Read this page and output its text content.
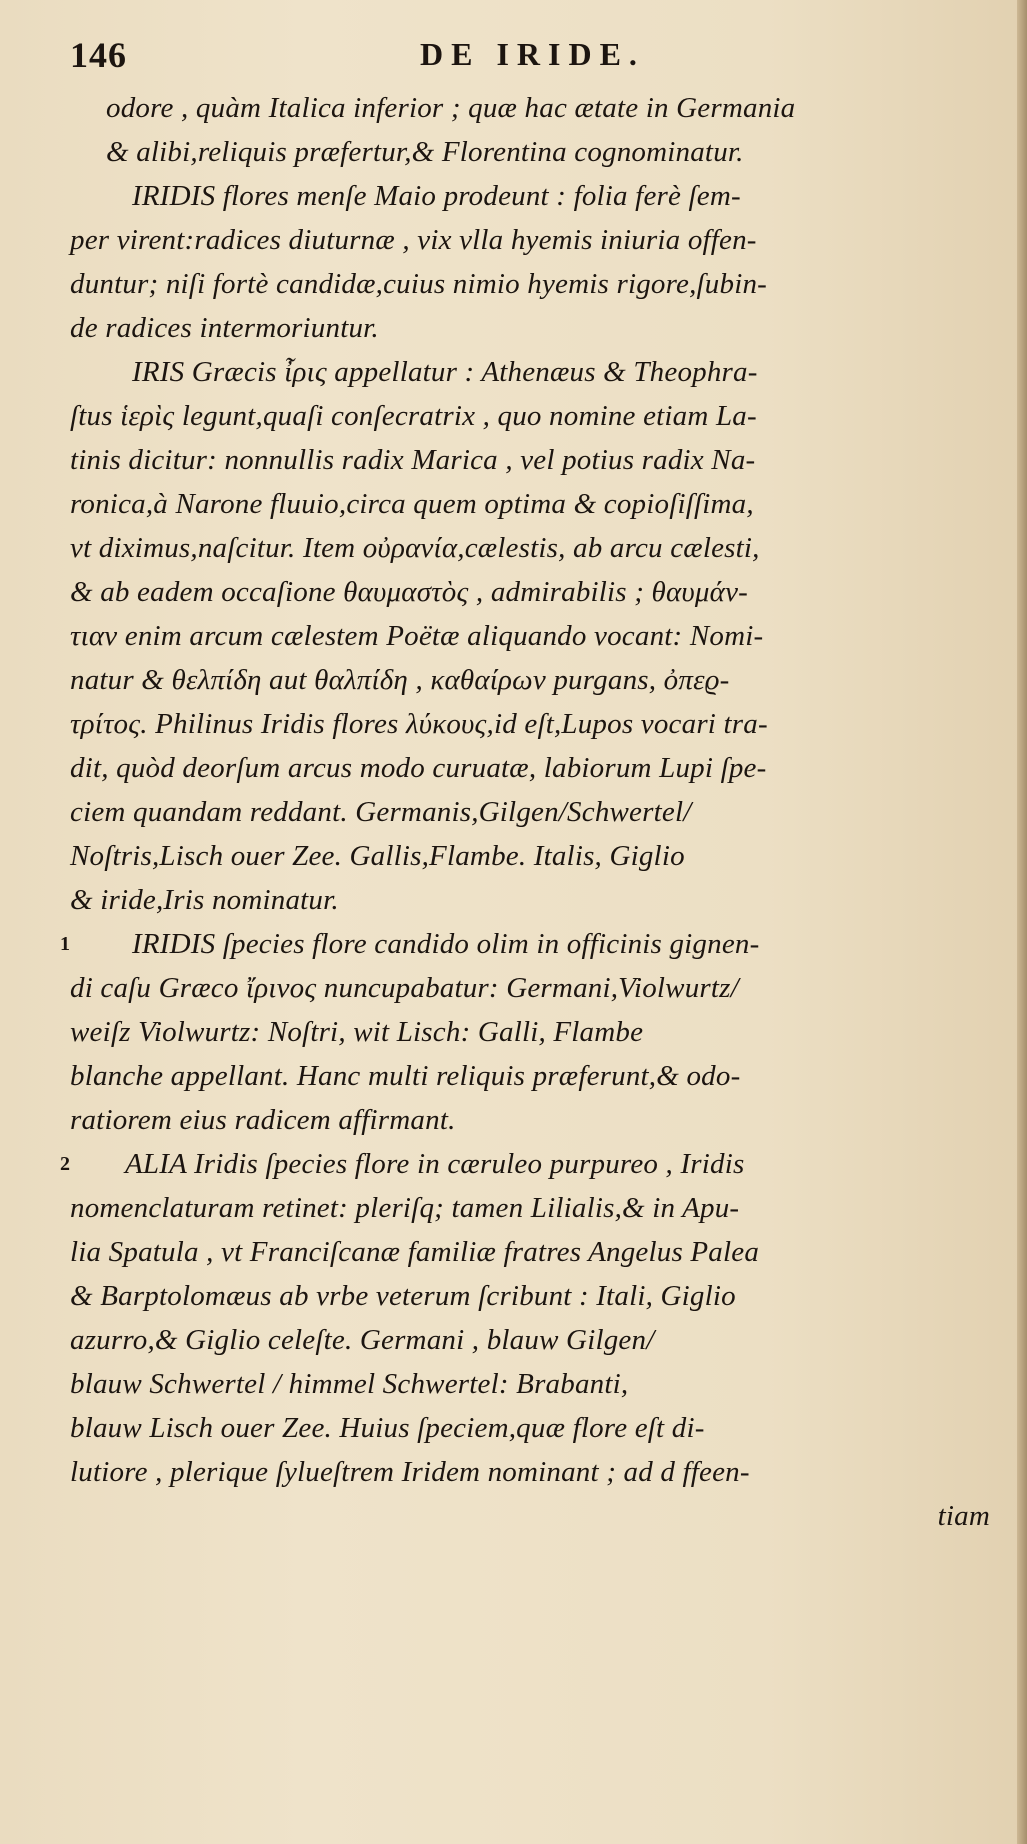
146	DE IRIDE.
odore , quàm Italica inferior ; quæ hac ætate in Germania
& alibi,reliquis præfertur,& Florentina cognominatur.
IRIDIS flores menſe Maio prodeunt : folia ferè ſem-
per virent:radices diuturnæ , vix vlla hyemis iniuria offen-
duntur; niſi fortè candidæ,cuius nimio hyemis rigore,ſubin-
de radices intermoriuntur.
IRIS Græcis ἶρις appellatur : Athenæus & Theophra-
ſtus ἱερὶς legunt,quaſi conſecratrix , quo nomine etiam La-
tinis dicitur: nonnullis radix Marica , vel potius radix Na-
ronica,à Narone fluuio,circa quem optima & copioſiſſima,
vt diximus,naſcitur. Item οὐρανία,cælestis, ab arcu cælesti,
& ab eadem occaſione θαυμαστὸς , admirabilis ; θαυμάν-
τιαν enim arcum cælestem Poëtæ aliquando vocant: Nomi-
natur & θελπίδη aut θαλπίδη , καθαίρων purgans, ὀπεϱ-
τρίτος. Philinus Iridis flores λύκους,id eſt,Lupos vocari tra-
dit, quòd deorſum arcus modo curuatæ, labiorum Lupi ſpe-
ciem quandam reddant. Germanis,Gilgen/Schwertel/
Noſtris,Lisch ouer Zee. Gallis,Flambe. Italis, Giglio
& iride,Iris nominatur.
1 IRIDIS ſpecies flore candido olim in officinis gignen-
di caſu Græco ἴρινος nuncupabatur: Germani,Violwurtz/
weiſz Violwurtz: Noſtri, wit Lisch: Galli, Flambe
blanche appellant. Hanc multi reliquis præferunt,& odo-
ratiorem eius radicem affirmant.
2 ALIA Iridis ſpecies flore in cæruleo purpureo , Iridis
nomenclaturam retinet: pleriſq; tamen Lilialis,& in Apu-
lia Spatula , vt Franciſcanæ familiæ fratres Angelus Palea
& Barptolomæus ab vrbe veterum ſcribunt : Itali, Giglio
azurro,& Giglio celeſte. Germani , blauw Gilgen/
blauw Schwertel / himmel Schwertel: Brabanti,
blauw Lisch ouer Zee. Huius ſpeciem,quæ flore eſt di-
lutiore , plerique ſylueſtrem Iridem nominant ; ad d ffeen-
tiam
